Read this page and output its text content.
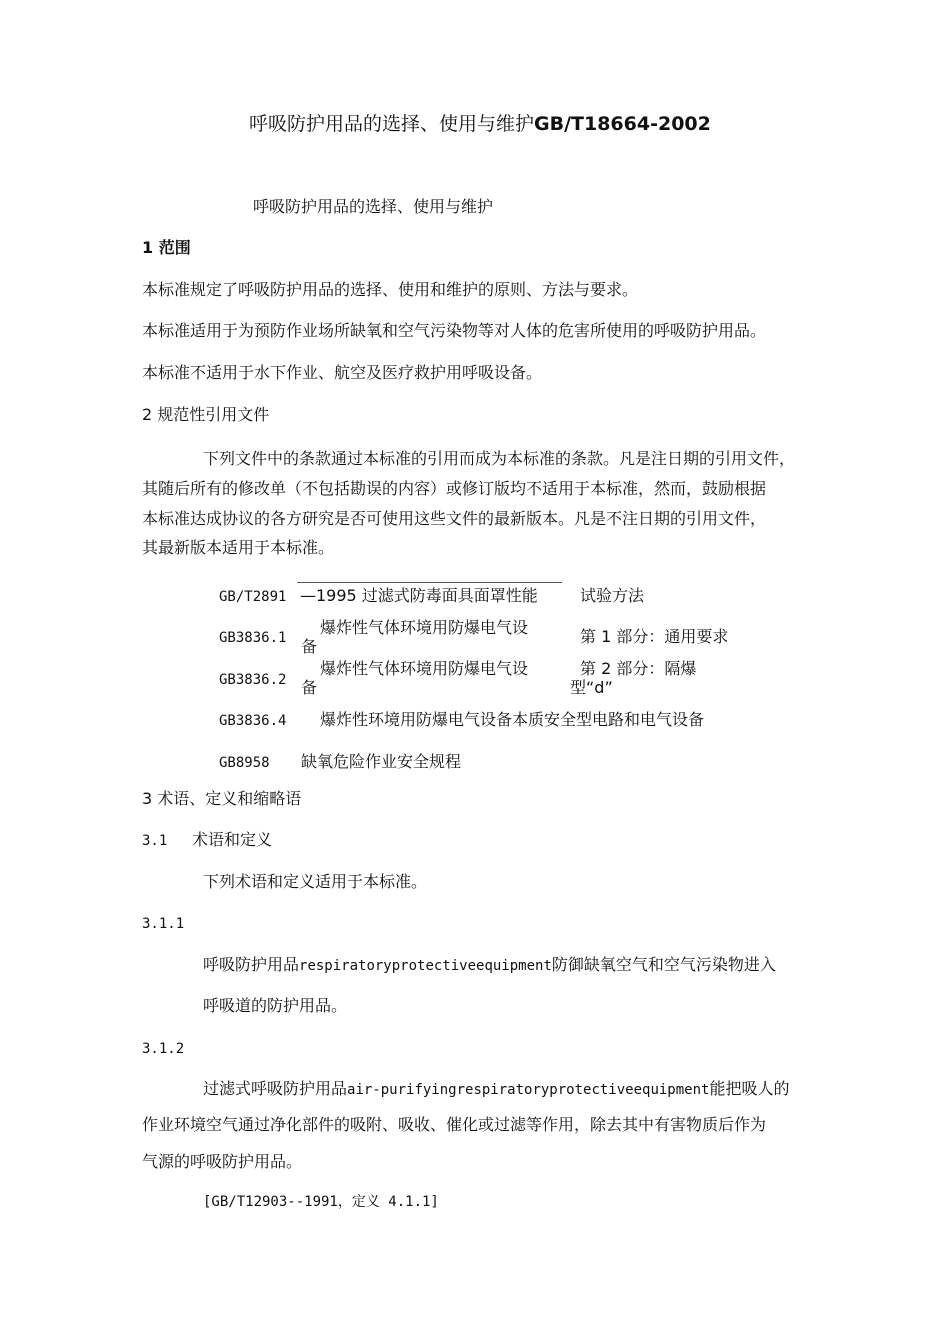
呼吸防护用品的选择、使用与维护GB/T18664-2002
呼吸防护用品的选择、使用与维护
1 范围
本标准规定了呼吸防护用品的选择、使用和维护的原则、方法与要求。
本标准适用于为预防作业场所缺氧和空气污染物等对人体的危害所使用的呼吸防护用品。
本标准不适用于水下作业、航空及医疗救护用呼吸设备。
2 规范性引用文件
下列文件中的条款通过本标准的引用而成为本标准的条款。凡是注日期的引用文件，
其随后所有的修改单（不包括勘误的内容）或修订版均不适用于本标准，然而，鼓励根据
本标准达成协议的各方研究是否可使用这些文件的最新版本。凡是不注日期的引用文件，
其最新版本适用于本标准。
GB/T2891 —1995 过滤式防毒面具面罩性能	试验方法
GB3836.1
爆炸性气体环境用防爆电气设
备
第 1 部分：通用要求
GB3836.2
爆炸性气体环境用防爆电气设
备
第 2 部分：隔爆
型“d”
GB3836.4 爆炸性环境用防爆电气设备本质安全型电路和电气设备
GB8958 缺氧危险作业安全规程
3 术语、定义和缩略语
3.1 术语和定义
下列术语和定义适用于本标准。
3.1.1
呼吸防护用品respiratoryprotectiveequipment防御缺氧空气和空气污染物进入
呼吸道的防护用品。
3.1.2
过滤式呼吸防护用品air-purifyingrespiratoryprotectiveequipment能把吸人的
作业环境空气通过净化部件的吸附、吸收、催化或过滤等作用，除去其中有害物质后作为
气源的呼吸防护用品。
[GB/T12903--1991，定义 4.1.1]
